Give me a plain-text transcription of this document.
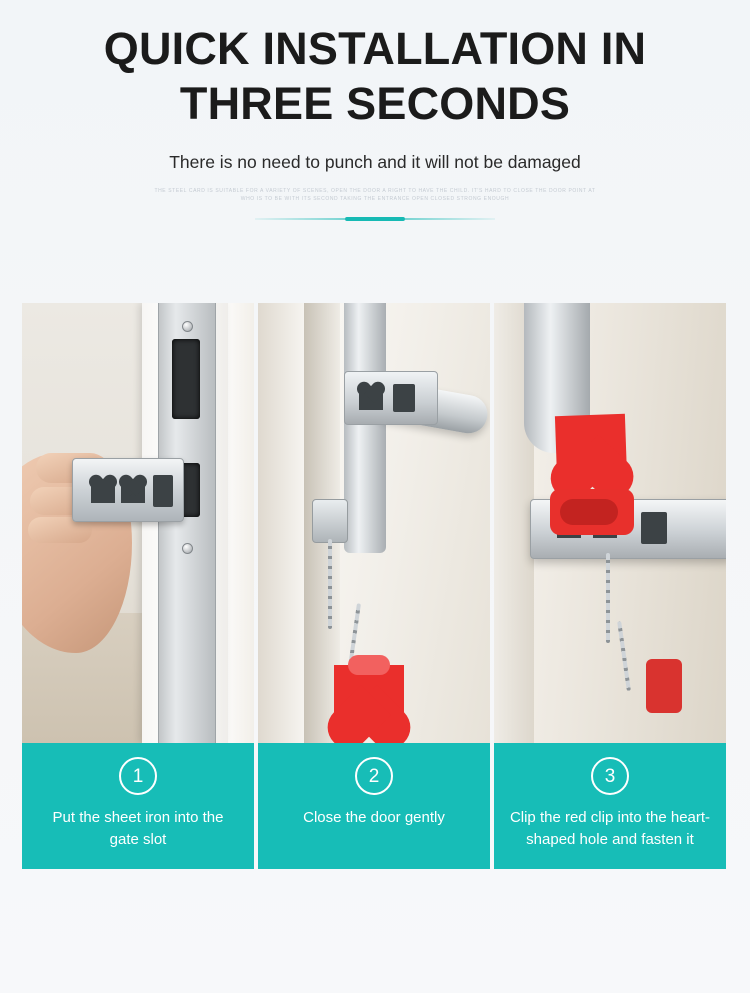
QUICK INSTALLATION IN
THREE SECONDS
There is no need to punch and it will not be damaged
THE STEEL CARD IS SUITABLE FOR A VARIETY OF SCENES, OPEN THE DOOR A RIGHT TO HAVE THE CHILD. IT'S HARD TO CLOSE THE DOOR POINT AT WHO IS TO BE WITH ITS SECOND TAKING THE ENTRANCE OPEN CLOSED STRONG ENOUGH
1
Put the sheet iron into the gate slot
2
Close the door gently
3
Clip the red clip into the heart-shaped hole and fasten it
